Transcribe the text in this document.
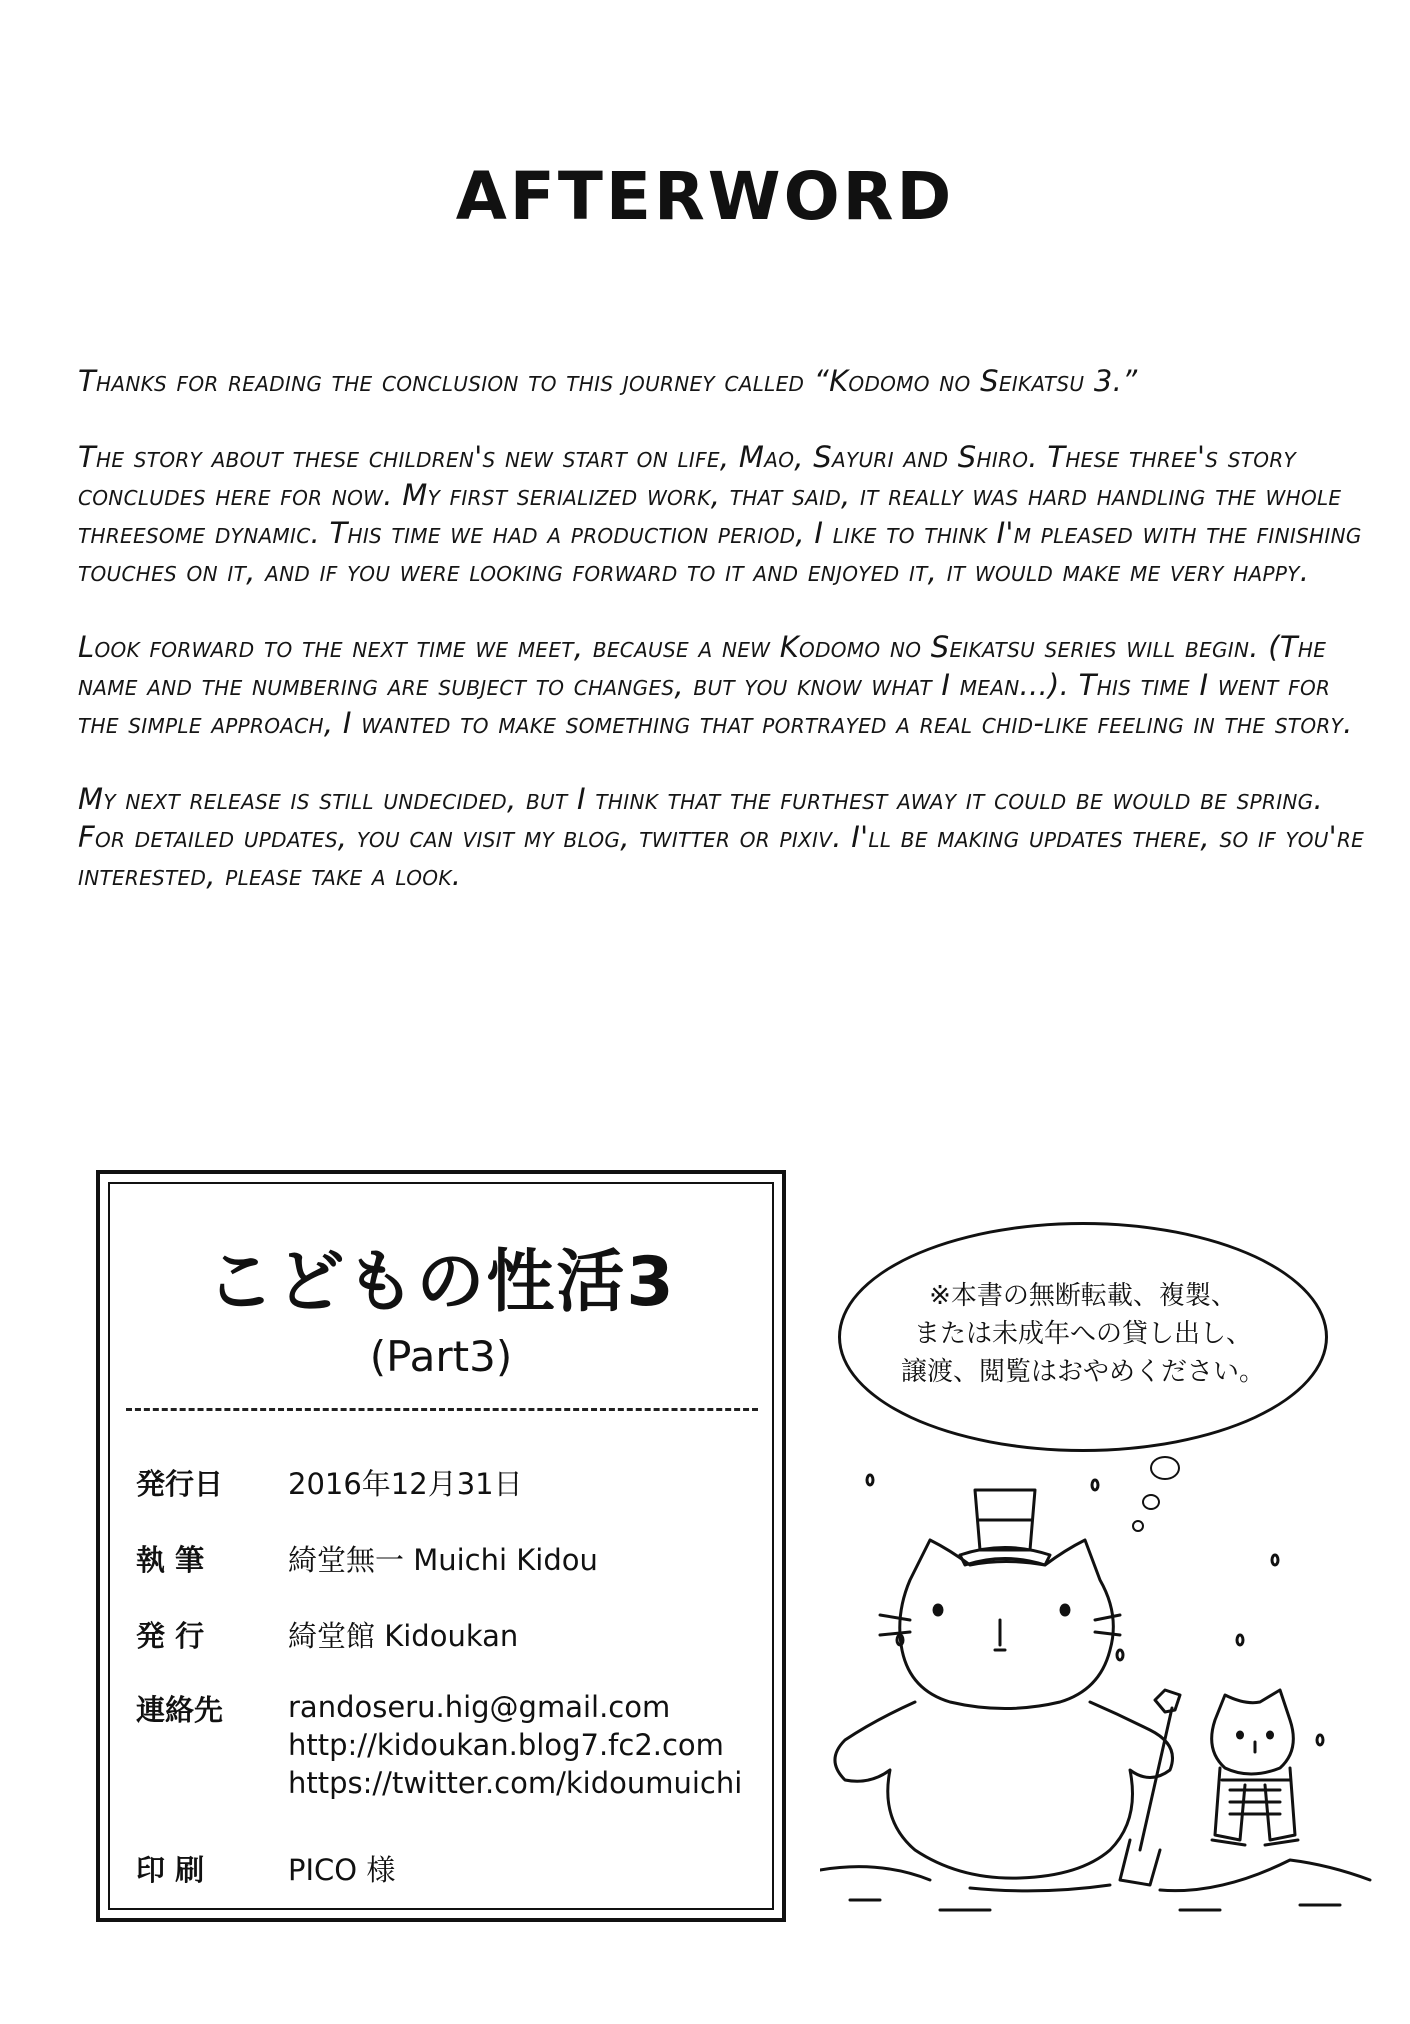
AFTERWORD

Thanks for reading the conclusion to this journey called “Kodomo no Seikatsu 3.”

The story about these children's new start on life, Mao, Sayuri and Shiro. These three's story concludes here for now. My first serialized work, that said, it really was hard handling the whole threesome dynamic. This time we had a production period, I like to think I'm pleased with the finishing touches on it, and if you were looking forward to it and enjoyed it, it would make me very happy.

Look forward to the next time we meet, because a new Kodomo no Seikatsu series will begin. (The name and the numbering are subject to changes, but you know what I mean...). This time I went for the simple approach, I wanted to make something that portrayed a real chid-like feeling in the story.

My next release is still undecided, but I think that the furthest away it could be would be spring. For detailed updates, you can visit my blog, twitter or pixiv. I'll be making updates there, so if you're interested, please take a look.

こどもの性活3
(Part3)
発行日	2016年12月31日
執 筆	綺堂無一 Muichi Kidou
発 行	綺堂館 Kidoukan
連絡先	randoseru.hig@gmail.com
http://kidoukan.blog7.fc2.com
https://twitter.com/kidoumuichi
印 刷	PICO 様
※本書の無断転載、複製、
または未成年への貸し出し、
譲渡、閲覧はおやめください。
